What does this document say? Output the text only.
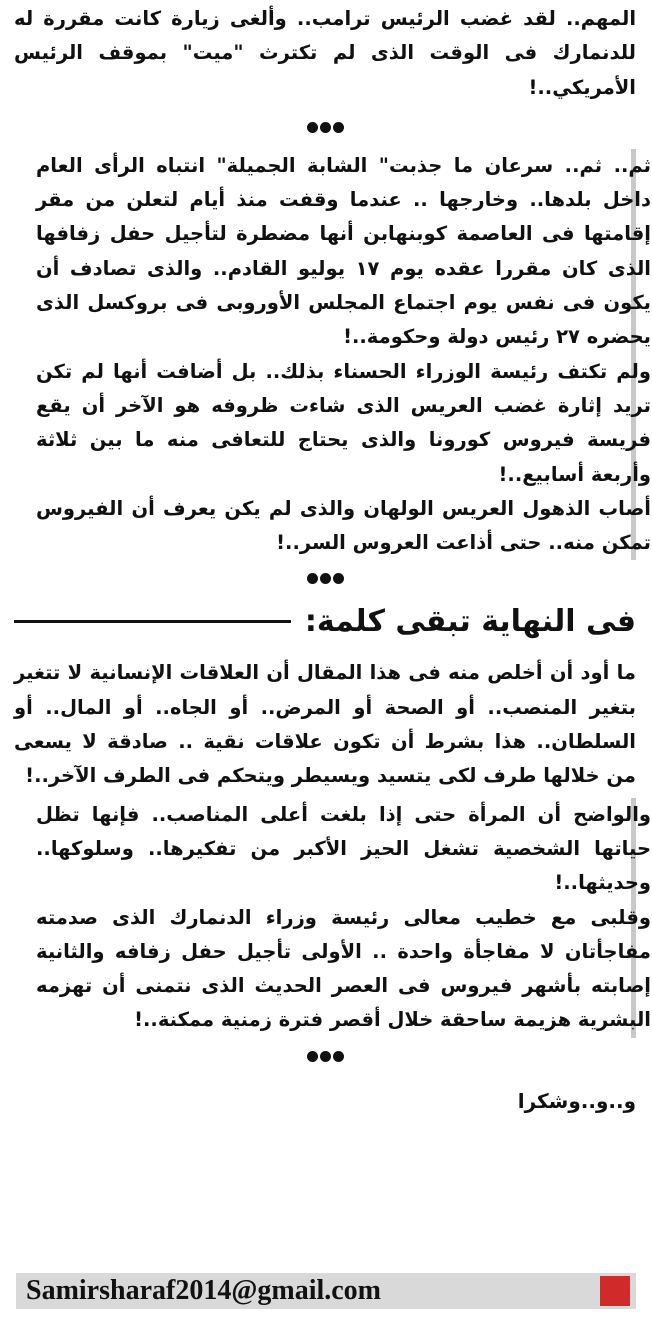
المهم.. لقد غضب الرئيس ترامب.. وألغى زيارة كانت مقررة له للدنمارك فى الوقت الذى لم تكترث "ميت" بموقف الرئيس الأمريكي..!

ثم.. ثم.. سرعان ما جذبت" الشابة الجميلة" انتباه الرأى العام داخل بلدها.. وخارجها .. عندما وقفت منذ أيام لتعلن من مقر إقامتها فى العاصمة كوبنهابن أنها مضطرة لتأجيل حفل زفافها الذى كان مقررا عقده يوم ١٧ يوليو القادم.. والذى تصادف أن يكون فى نفس يوم اجتماع المجلس الأوروبى فى بروكسل الذى يحضره ٢٧ رئيس دولة وحكومة..!

ولم تكتف رئيسة الوزراء الحسناء بذلك.. بل أضافت أنها لم تكن تريد إثارة غضب العريس الذى شاءت ظروفه هو الآخر أن يقع فريسة فيروس كورونا والذى يحتاج للتعافى منه ما بين ثلاثة وأربعة أسابيع..!

أصاب الذهول العريس الولهان والذى لم يكن يعرف أن الفيروس تمكن منه.. حتى أذاعت العروس السر..!

فى النهاية تبقى كلمة:

ما أود أن أخلص منه فى هذا المقال أن العلاقات الإنسانية لا تتغير بتغير المنصب.. أو الصحة أو المرض.. أو الجاه.. أو المال.. أو السلطان.. هذا بشرط أن تكون علاقات نقية .. صادقة لا يسعى من خلالها طرف لكى يتسيد ويسيطر ويتحكم فى الطرف الآخر..!

والواضح أن المرأة حتى إذا بلغت أعلى المناصب.. فإنها تظل حياتها الشخصية تشغل الحيز الأكبر من تفكيرها.. وسلوكها.. وحديثها..!

وقلبى مع خطيب معالى رئيسة وزراء الدنمارك الذى صدمته مفاجأتان لا مفاجأة واحدة .. الأولى تأجيل حفل زفافه والثانية إصابته بأشهر فيروس فى العصر الحديث الذى نتمنى أن تهزمه البشرية هزيمة ساحقة خلال أقصر فترة زمنية ممكنة..!

و..و..وشكرا
Samirsharaf2014@gmail.com
